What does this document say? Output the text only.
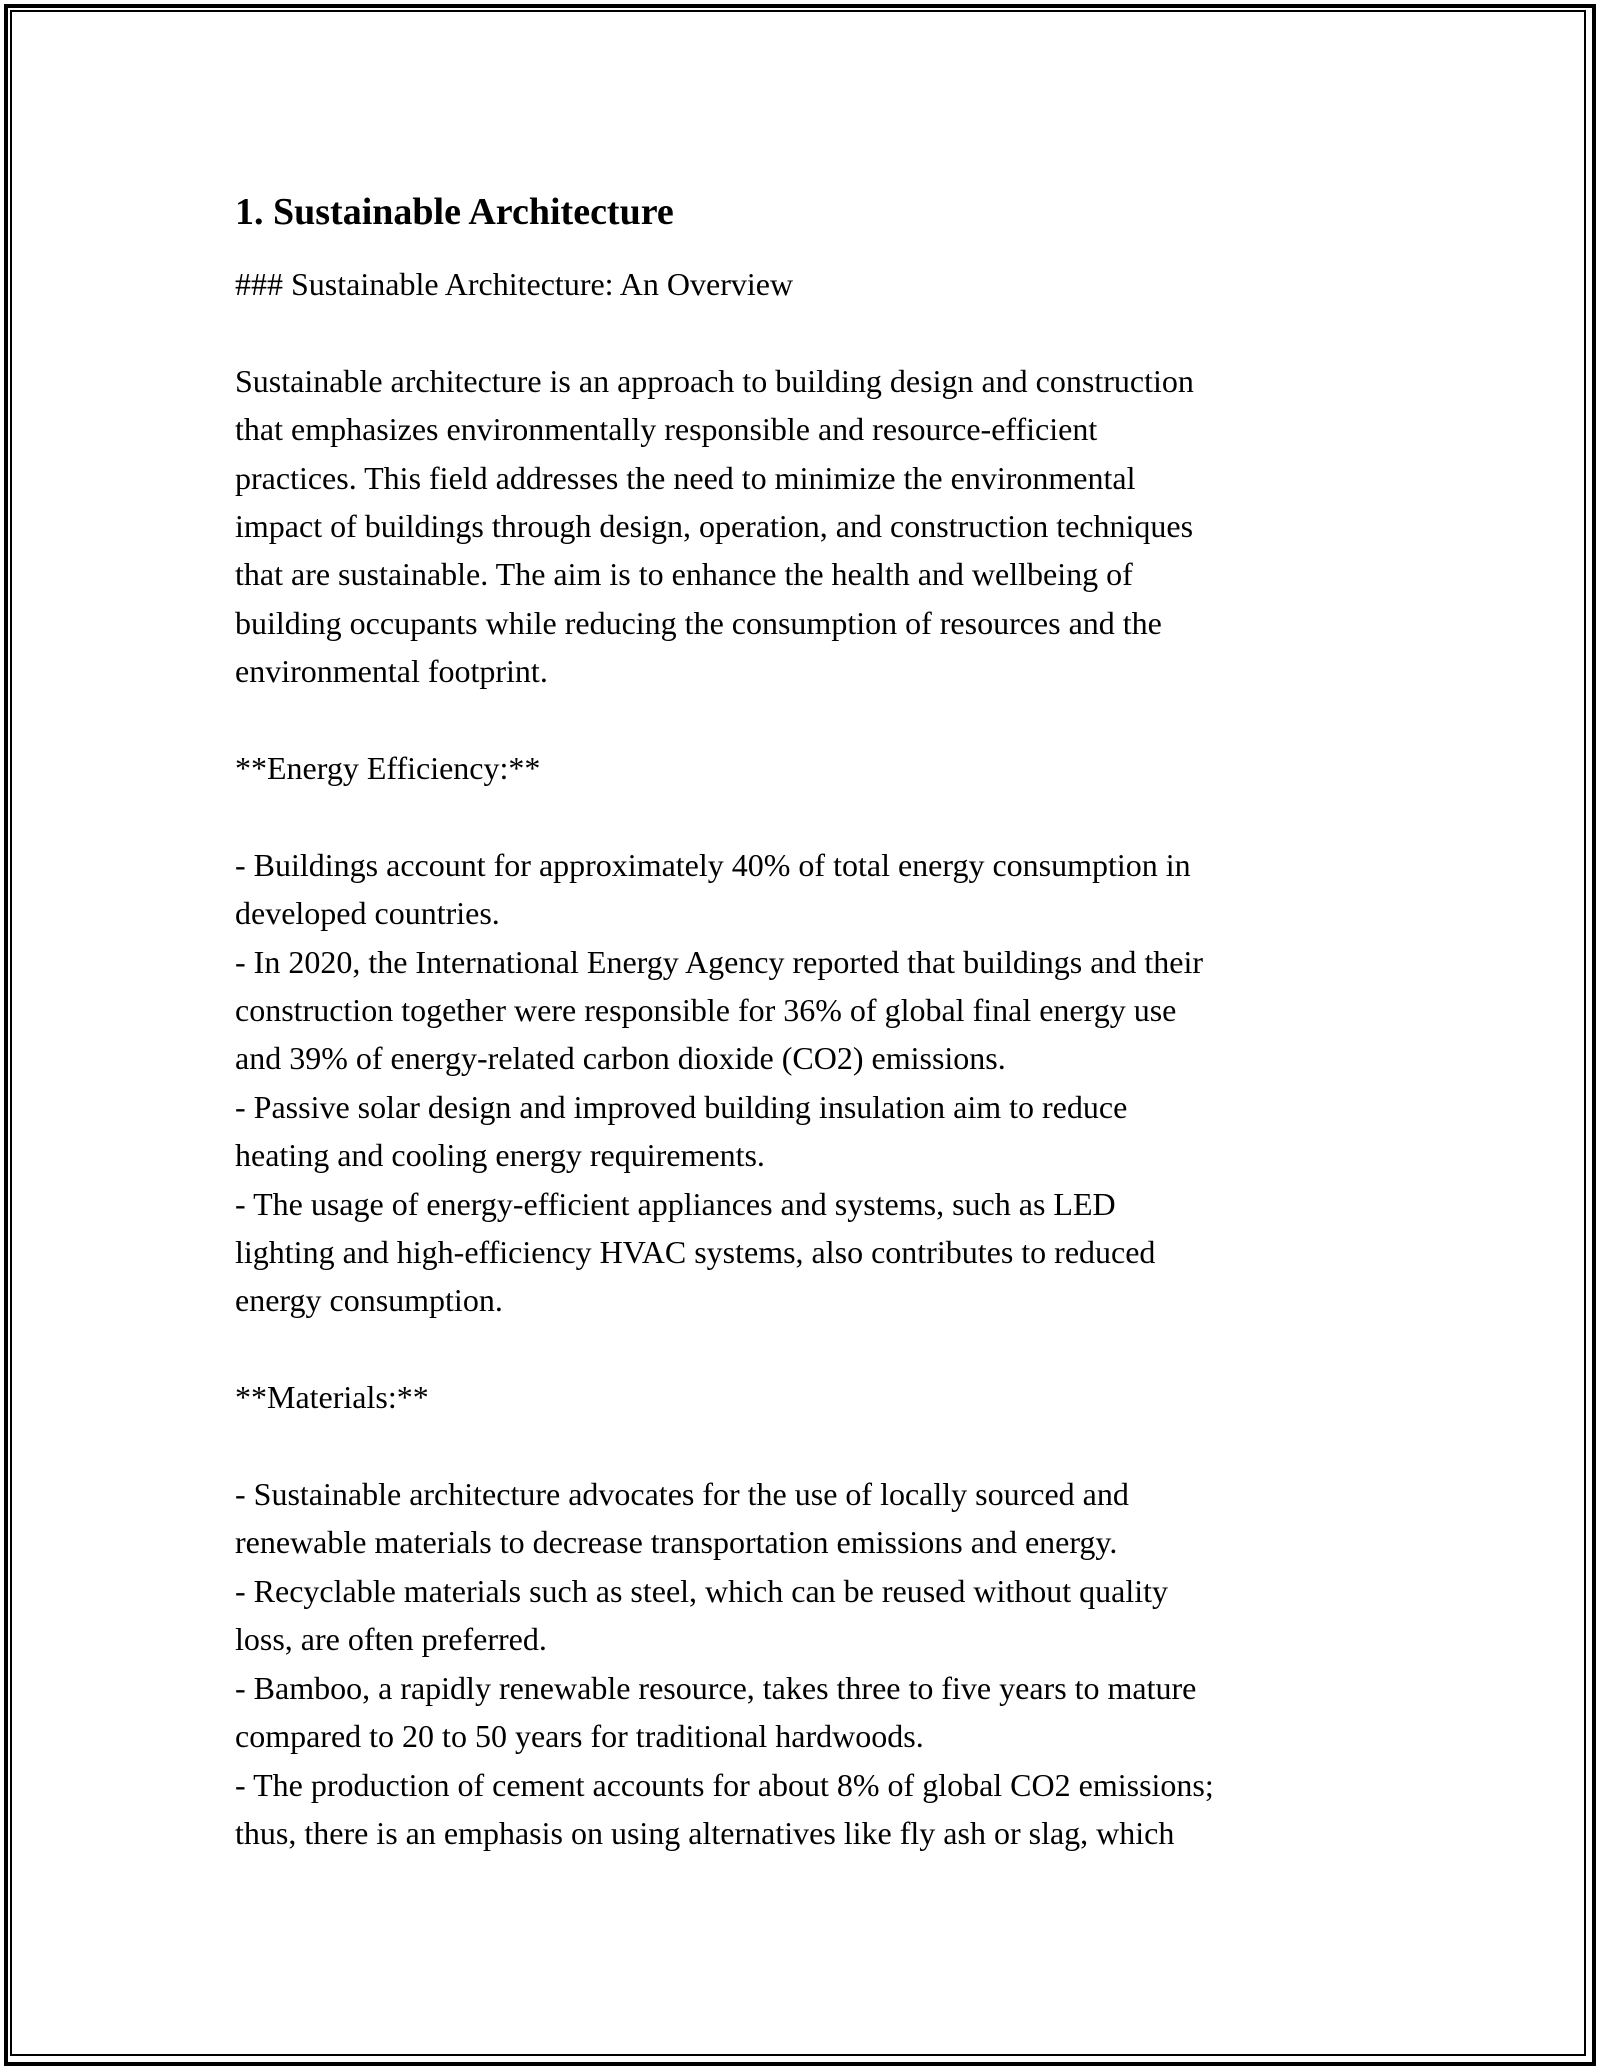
1. Sustainable Architecture
### Sustainable Architecture: An Overview
Sustainable architecture is an approach to building design and construction
that emphasizes environmentally responsible and resource-efficient
practices. This field addresses the need to minimize the environmental
impact of buildings through design, operation, and construction techniques
that are sustainable. The aim is to enhance the health and wellbeing of
building occupants while reducing the consumption of resources and the
environmental footprint.
**Energy Efficiency:**
- Buildings account for approximately 40% of total energy consumption in
developed countries.
- In 2020, the International Energy Agency reported that buildings and their
construction together were responsible for 36% of global final energy use
and 39% of energy-related carbon dioxide (CO2) emissions.
- Passive solar design and improved building insulation aim to reduce
heating and cooling energy requirements.
- The usage of energy-efficient appliances and systems, such as LED
lighting and high-efficiency HVAC systems, also contributes to reduced
energy consumption.
**Materials:**
- Sustainable architecture advocates for the use of locally sourced and
renewable materials to decrease transportation emissions and energy.
- Recyclable materials such as steel, which can be reused without quality
loss, are often preferred.
- Bamboo, a rapidly renewable resource, takes three to five years to mature
compared to 20 to 50 years for traditional hardwoods.
- The production of cement accounts for about 8% of global CO2 emissions;
thus, there is an emphasis on using alternatives like fly ash or slag, which
